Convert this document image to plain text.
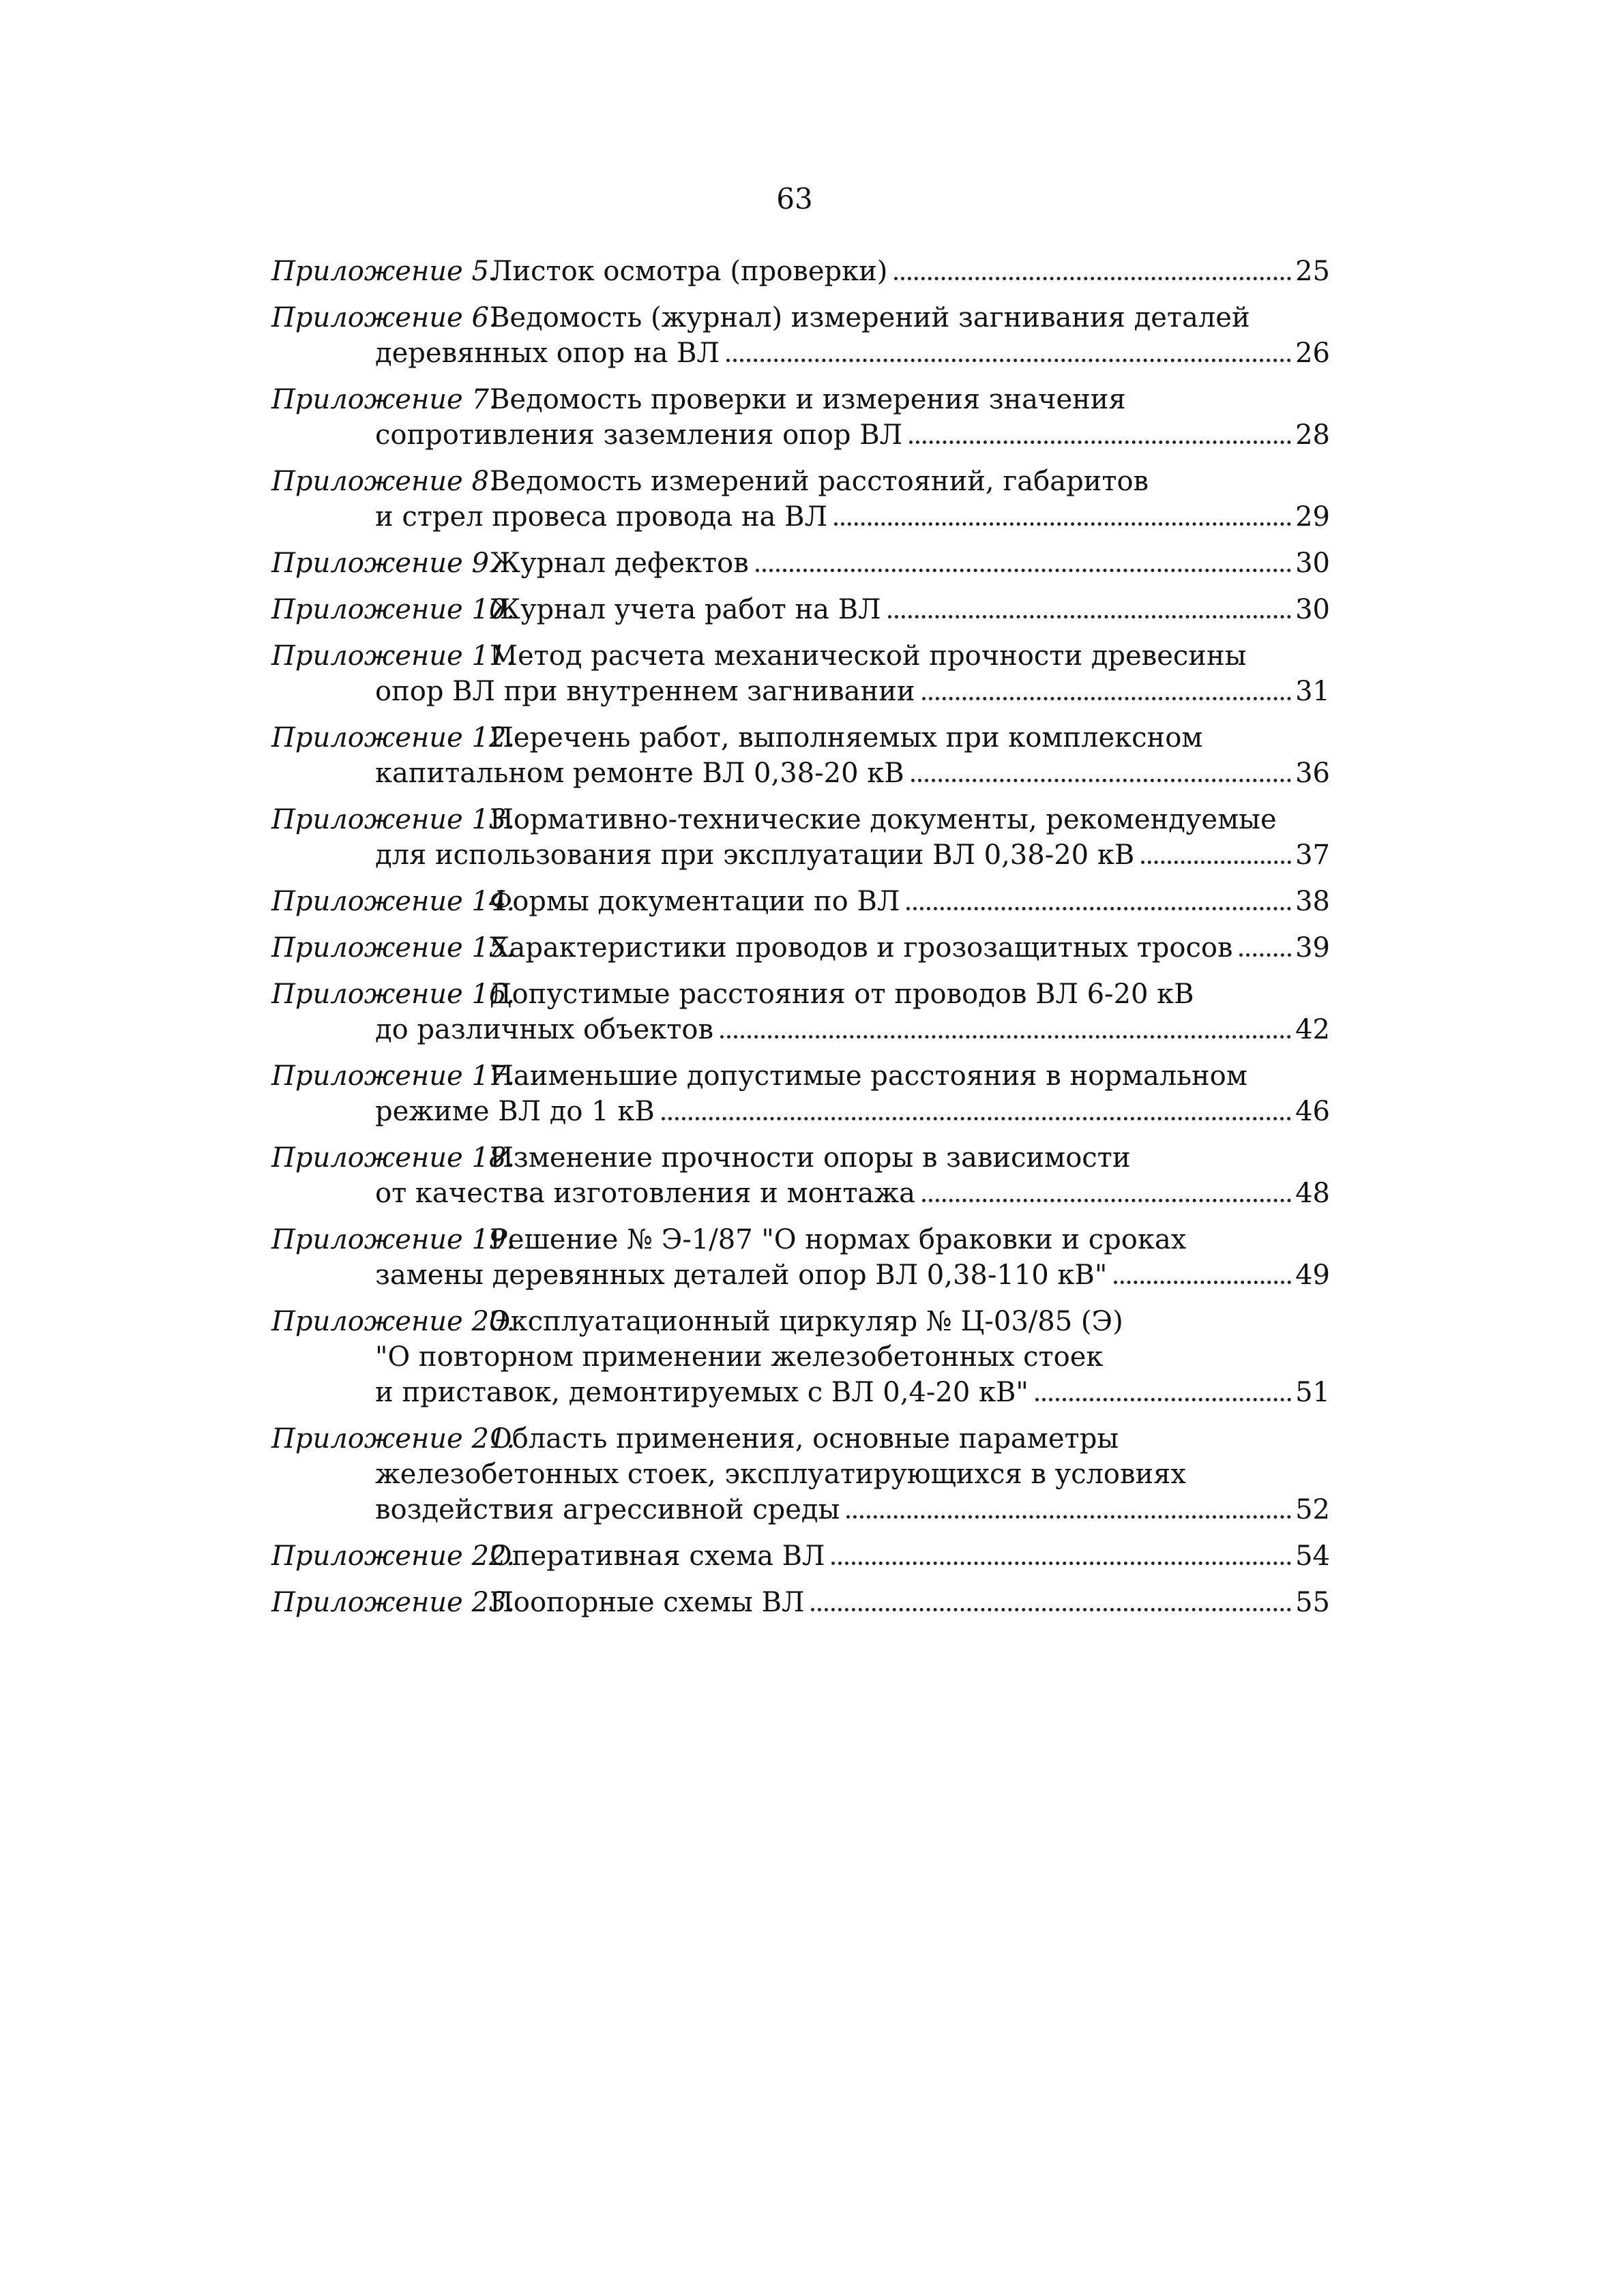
63
Приложение 5.
Листок осмотра (проверки)	25
Приложение 6.
Ведомость (журнал) измерений загнивания деталей
деревянных опор на ВЛ	26
Приложение 7.
Ведомость проверки и измерения значения
сопротивления заземления опор ВЛ	28
Приложение 8.
Ведомость измерений расстояний, габаритов
и стрел провеса провода на ВЛ	29
Приложение 9.
Журнал дефектов	30
Приложение 10.
Журнал учета работ на ВЛ	30
Приложение 11.
Метод расчета механической прочности древесины
опор ВЛ при внутреннем загнивании	31
Приложение 12.
Перечень работ, выполняемых при комплексном
капитальном ремонте ВЛ 0,38-20 кВ	36
Приложение 13.
Нормативно-технические документы, рекомендуемые
для использования при эксплуатации ВЛ 0,38-20 кВ	37
Приложение 14.
Формы документации по ВЛ	38
Приложение 15.
Характеристики проводов и грозозащитных тросов 39
Приложение 16.
Допустимые расстояния от проводов ВЛ 6-20 кВ
до различных объектов	42
Приложение 17.
Наименьшие допустимые расстояния в нормальном
режиме ВЛ до 1 кВ	46
Приложение 18.
Изменение прочности опоры в зависимости
от качества изготовления и монтажа	48
Приложение 19.
Решение № Э-1/87 "О нормах браковки и сроках
замены деревянных деталей опор ВЛ 0,38-110 кВ"	49
Приложение 20.
Эксплуатационный циркуляр № Ц-03/85 (Э)
"О повторном применении железобетонных стоек
и приставок, демонтируемых с ВЛ 0,4-20 кВ"	51
Приложение 21.
Область применения, основные параметры
железобетонных стоек, эксплуатирующихся в условиях
воздействия агрессивной среды	52
Приложение 22.
Оперативная схема ВЛ	54
Приложение 23.
Поопорные схемы ВЛ	55
